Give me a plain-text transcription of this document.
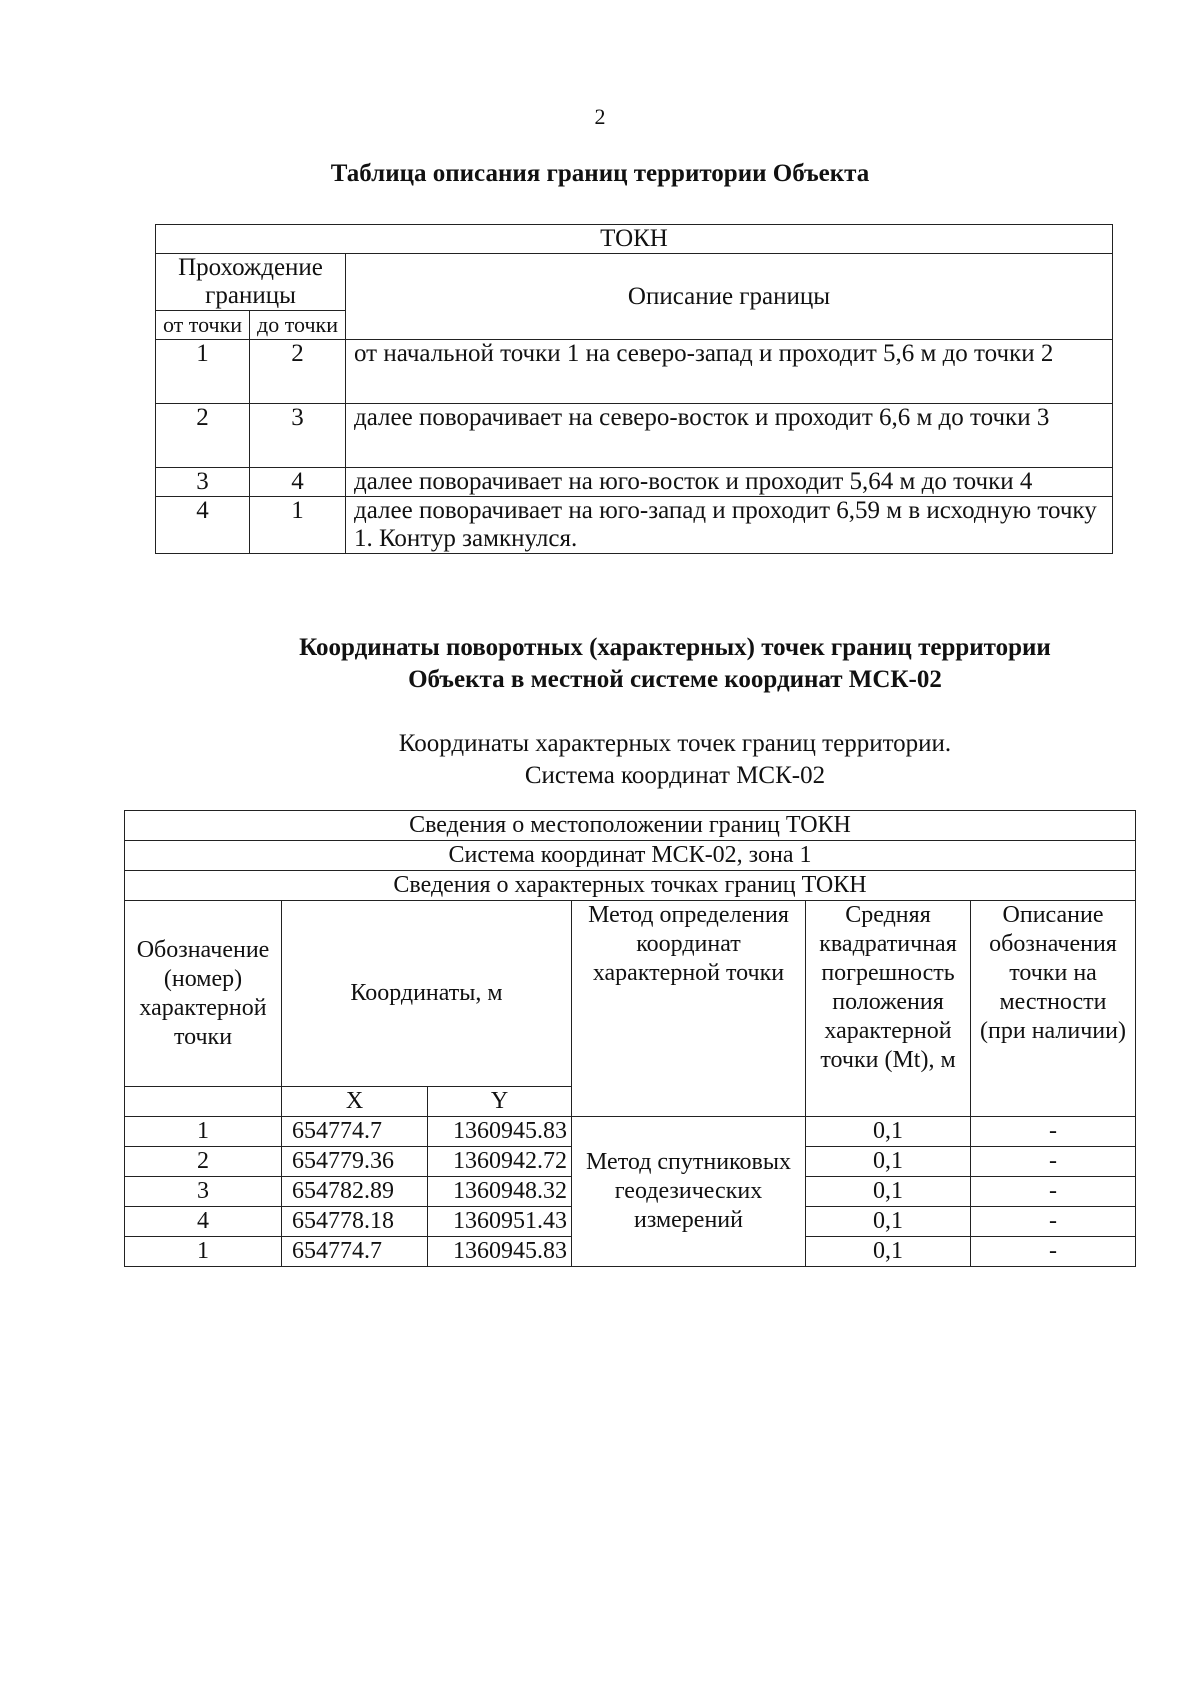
2
Таблица описания границ территории Объекта
ТОКН		
Прохождение границы		Описание границы
от точки	до точки	
1	2	от начальной точки 1 на северо-запад и проходит 5,6 м до точки 2
2	3	далее поворачивает на северо-восток и проходит 6,6 м до точки 3
3	4	далее поворачивает на юго-восток и проходит 5,64 м до точки 4
4	1	далее поворачивает на юго-запад и проходит 6,59 м в исходную точку 1. Контур замкнулся.
Координаты поворотных (характерных) точек границ территории
Объекта в местной системе координат МСК-02
Координаты характерных точек границ территории.
Система координат МСК-02
Сведения о местоположении границ ТОКН					
Система координат МСК-02, зона 1					
Сведения о характерных точках границ ТОКН					
Обозначение (номер) характерной точки	Координаты, м		Метод определения координат характерной точки	Средняя квадратичная погрешность положения характерной точки (Mt), м	Описание обозначения точки на местности (при наличии)
	X	Y			
1	654774.7	1360945.83	Метод спутниковых геодезических измерений	0,1	-
2	654779.36	1360942.72		0,1	-
3	654782.89	1360948.32		0,1	-
4	654778.18	1360951.43		0,1	-
1	654774.7	1360945.83		0,1	-
